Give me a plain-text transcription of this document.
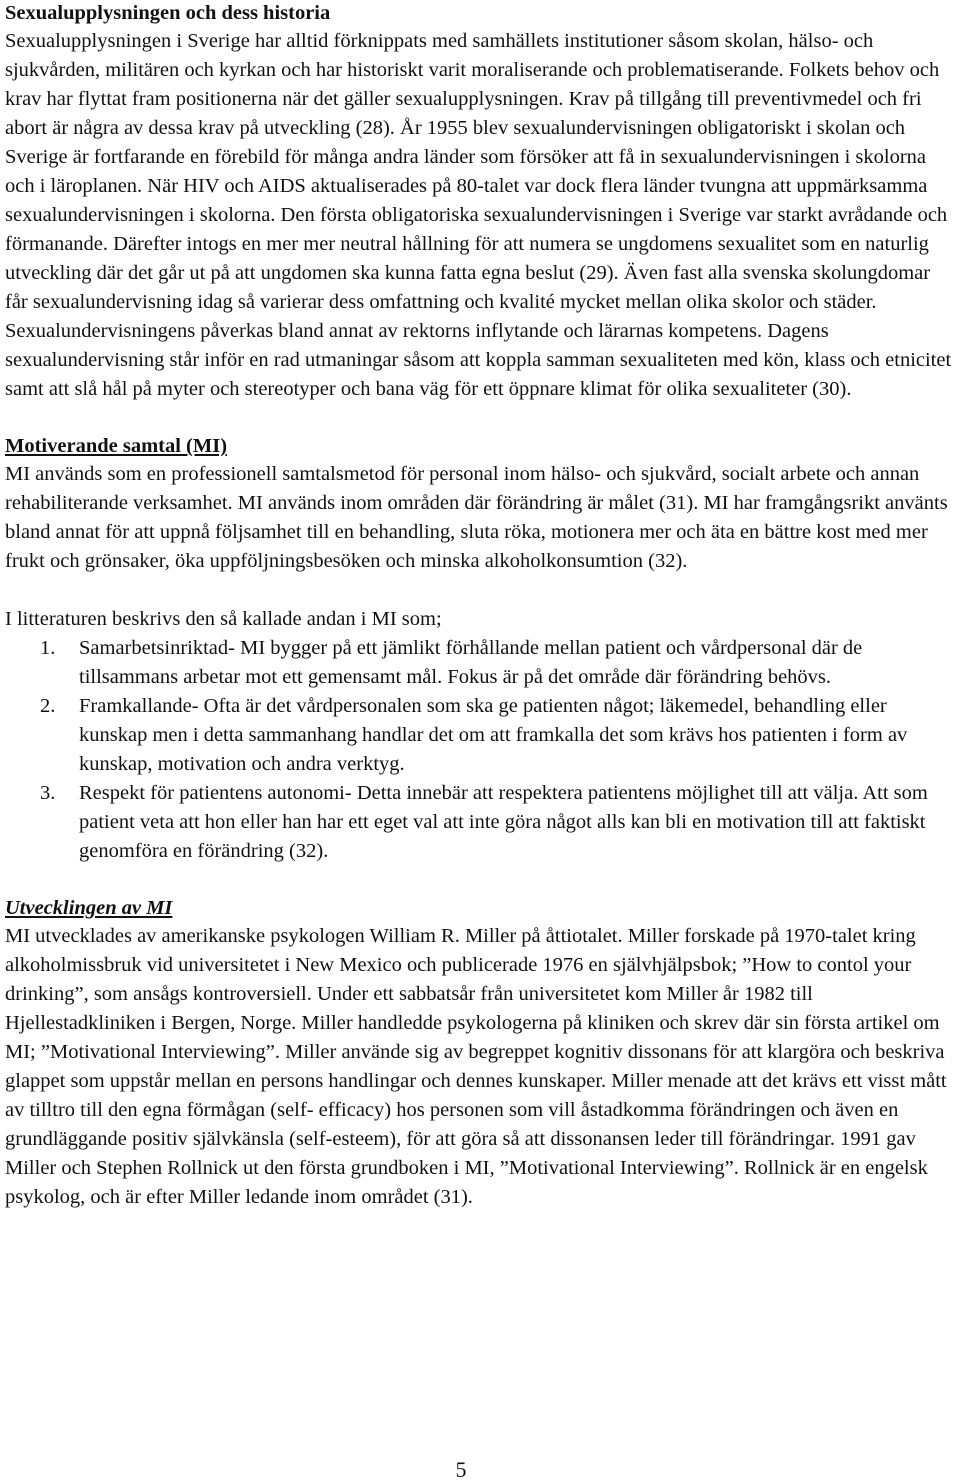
Sexualupplysningen och dess historia

Sexualupplysningen i Sverige har alltid förknippats med samhällets institutioner såsom skolan, hälso- och sjukvården, militären och kyrkan och har historiskt varit moraliserande och problematiserande. Folkets behov och krav har flyttat fram positionerna när det gäller sexualupplysningen. Krav på tillgång till preventivmedel och fri abort är några av dessa krav på utveckling (28). År 1955 blev sexualundervisningen obligatoriskt i skolan och Sverige är fortfarande en förebild för många andra länder som försöker att få in sexualundervisningen i skolorna och i läroplanen. När HIV och AIDS aktualiserades på 80-talet var dock flera länder tvungna att uppmärksamma sexualundervisningen i skolorna. Den första obligatoriska sexualundervisningen i Sverige var starkt avrådande och förmanande. Därefter intogs en mer mer neutral hållning för att numera se ungdomens sexualitet som en naturlig utveckling där det går ut på att ungdomen ska kunna fatta egna beslut (29). Även fast alla svenska skolungdomar får sexualundervisning idag så varierar dess omfattning och kvalité mycket mellan olika skolor och städer. Sexualundervisningens påverkas bland annat av rektorns inflytande och lärarnas kompetens. Dagens sexualundervisning står inför en rad utmaningar såsom att koppla samman sexualiteten med kön, klass och etnicitet samt att slå hål på myter och stereotyper och bana väg för ett öppnare klimat för olika sexualiteter (30).

Motiverande samtal (MI)

MI används som en professionell samtalsmetod för personal inom hälso- och sjukvård, socialt arbete och annan rehabiliterande verksamhet. MI används inom områden där förändring är målet (31). MI har framgångsrikt använts bland annat för att uppnå följsamhet till en behandling, sluta röka, motionera mer och äta en bättre kost med mer frukt och grönsaker, öka uppföljningsbesöken och minska alkoholkonsumtion (32).

I litteraturen beskrivs den så kallade andan i MI som;

1. Samarbetsinriktad- MI bygger på ett jämlikt förhållande mellan patient och vårdpersonal där de tillsammans arbetar mot ett gemensamt mål. Fokus är på det område där förändring behövs.
2. Framkallande- Ofta är det vårdpersonalen som ska ge patienten något; läkemedel, behandling eller kunskap men i detta sammanhang handlar det om att framkalla det som krävs hos patienten i form av kunskap, motivation och andra verktyg.
3. Respekt för patientens autonomi- Detta innebär att respektera patientens möjlighet till att välja. Att som patient veta att hon eller han har ett eget val att inte göra något alls kan bli en motivation till att faktiskt genomföra en förändring (32).
Utvecklingen av MI

MI utvecklades av amerikanske psykologen William R. Miller på åttiotalet. Miller forskade på 1970-talet kring alkoholmissbruk vid universitetet i New Mexico och publicerade 1976 en självhjälpsbok; ”How to contol your drinking”, som ansågs kontroversiell. Under ett sabbatsår från universitetet kom Miller år 1982 till Hjellestadkliniken i Bergen, Norge. Miller handledde psykologerna på kliniken och skrev där sin första artikel om MI; ”Motivational Interviewing”. Miller använde sig av begreppet kognitiv dissonans för att klargöra och beskriva glappet som uppstår mellan en persons handlingar och dennes kunskaper. Miller menade att det krävs ett visst mått av tilltro till den egna förmågan (self- efficacy) hos personen som vill åstadkomma förändringen och även en grundläggande positiv självkänsla (self-esteem), för att göra så att dissonansen leder till förändringar. 1991 gav Miller och Stephen Rollnick ut den första grundboken i MI, ”Motivational Interviewing”. Rollnick är en engelsk psykolog, och är efter Miller ledande inom området (31).

5
